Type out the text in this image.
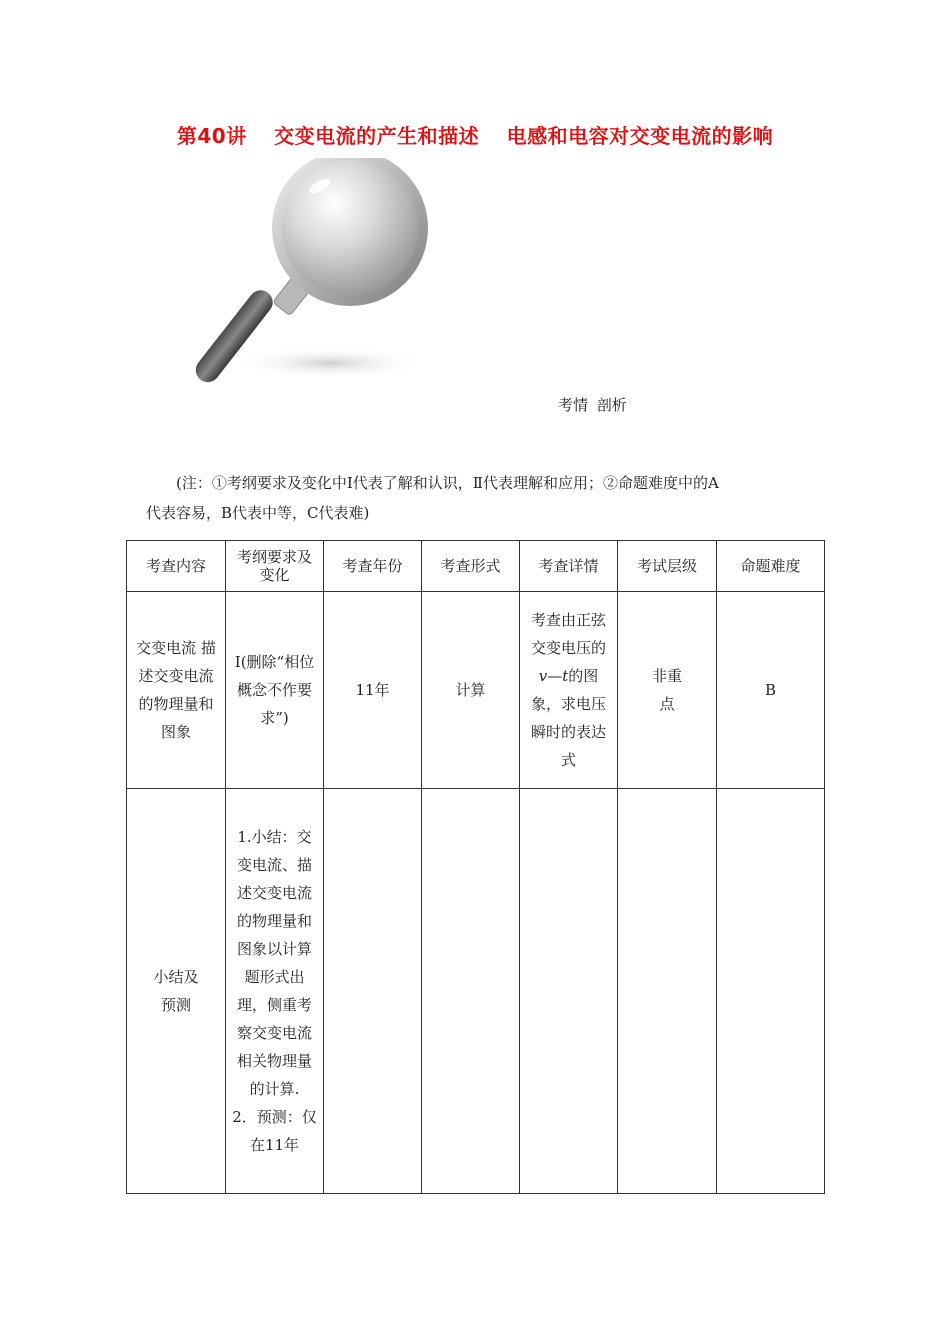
第40讲 交变电流的产生和描述 电感和电容对交变电流的影响
考情 剖析
(注：①考纲要求及变化中Ⅰ代表了解和认识，Ⅱ代表理解和应用；②命题难度中的A
代表容易，B代表中等，C代表难)
考查内容	考纲要求及变化	考查年份	考查形式	考查详情	考试层级	命题难度
交变电流 描述交变电流的物理量和图象	Ⅰ(删除“相位概念不作要求”)	11年	计算	考查由正弦交变电压的 v—t的图象，求电压瞬时的表达式	非重点	B
小结及预测	1.小结：交变电流、描述交变电流的物理量和图象以计算题形式出理，侧重考察交变电流相关物理量的计算.
2．预测：仅在11年					
